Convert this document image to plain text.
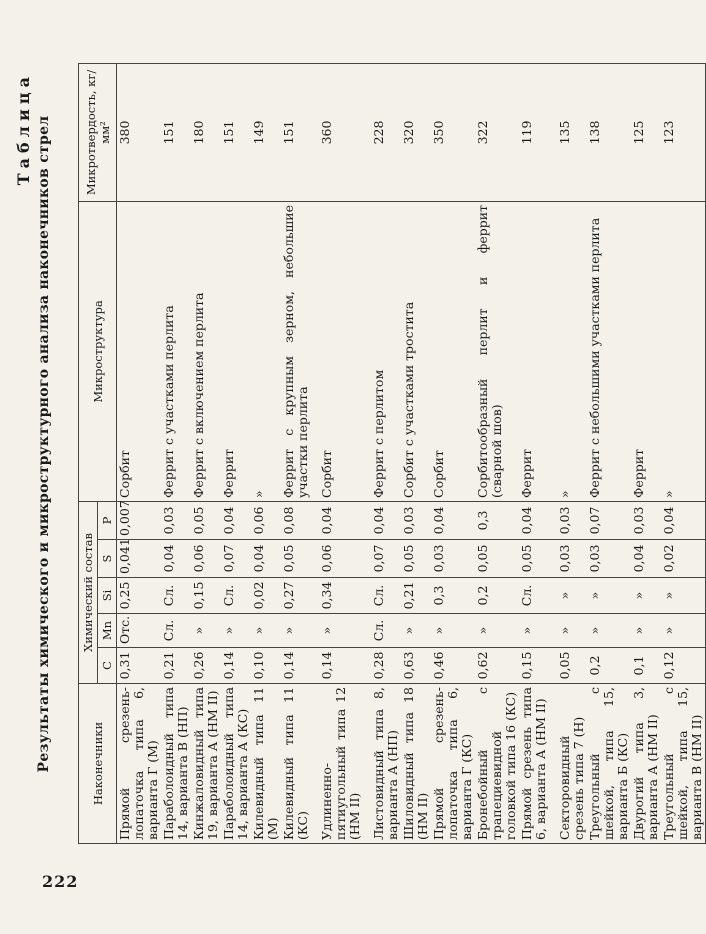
222
Таблица Результаты химического и микроструктурного анализа наконечников стрел	Наконечники	Химический состав					Микроструктура	Микротвердость, кг/мм²
	C	Mn	Si	S	P		
Прямой срезень-лопаточка типа 6, варианта Г (М)	0,31	Отс.	0,25	0,041	0,007	Сорбит	380
Параболоидный типа 14, варианта В (НП)	0,21	Сл.	Сл.	0,04	0,03	Феррит с участками перлита	151
Кинжаловидный типа 19, варианта А (НМ II)	0,26	»	0,15	0,06	0,05	Феррит с включением перлита	180
Параболоидный типа 14, варианта А (КС)	0,14	»	Сл.	0,07	0,04	Феррит	151
Килевидный типа 11 (М)	0,10	»	0,02	0,04	0,06	»	149
Килевидный типа 11 (КС)	0,14	»	0,27	0,05	0,08	Феррит с крупным зерном, небольшие участки перлита	151

Удлиненно-пятиугольный типа 12 (НМ II)	0,14	»	0,34	0,06	0,04	Сорбит	360

Листовидный типа 8, варианта А (НП)	0,28	Сл.	Сл.	0,07	0,04	Феррит с перлитом	228
Шиловидный типа 18 (НМ II)	0,63	»	0,21	0,05	0,03	Сорбит с участками тростита	320
Прямой срезень-лопаточка типа 6, варианта Г (КС)	0,46	»	0,3	0,03	0,04	Сорбит	350
Бронебойный с трапециевидной головкой типа 16 (КС)	0,62	»	0,2	0,05	0,3	Сорбитообразный перлит и феррит (сварной шов)	322
Прямой срезень типа 6, варианта А (НМ II)	0,15	»	Сл.	0,05	0,04	Феррит	119

Секторовидный срезень типа 7 (Н)	0,05	»	»	0,03	0,03	»	135
Треугольный с шейкой, типа 15, варианта Б (КС)	0,2	»	»	0,03	0,07	Феррит с небольшими участками перлита	138
Двурогий типа 3, варианта А (НМ II)	0,1	»	»	0,04	0,03	Феррит	125
Треугольный с шейкой, типа 15, варианта В (НМ II)	0,12	»	»	0,02	0,04	»	123
